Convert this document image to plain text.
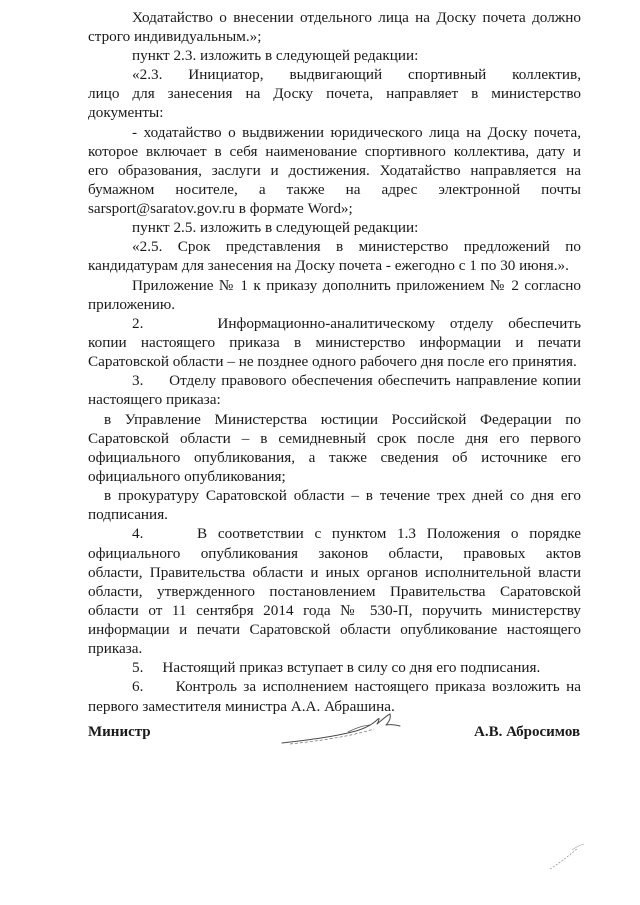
Ходатайство о внесении отдельного лица на Доску почета должно
строго индивидуальным.»;
пункт 2.3. изложить в следующей редакции:
«2.3. Инициатор, выдвигающий спортивный коллектив,
лицо для занесения на Доску почета, направляет в министерство
документы:
- ходатайство о выдвижении юридического лица на Доску почета,
которое включает в себя наименование спортивного коллектива, дату и
его образования, заслуги и достижения. Ходатайство направляется на
бумажном носителе, а также на адрес электронной почты
sarsport@saratov.gov.ru в формате Word»;
пункт 2.5. изложить в следующей редакции:
«2.5. Срок представления в министерство предложений по
кандидатурам для занесения на Доску почета - ежегодно с 1 по 30 июня.».
Приложение № 1 к приказу дополнить приложением № 2 согласно
приложению.
2.     Информационно-аналитическому отделу обеспечить
копии настоящего приказа в министерство информации и печати
Саратовской области – не позднее одного рабочего дня после его принятия.
3.     Отделу правового обеспечения обеспечить направление копии
настоящего приказа:
в Управление Министерства юстиции Российской Федерации по
Саратовской области – в семидневный срок после дня его первого
официального опубликования, а также сведения об источнике его
официального опубликования;
в прокуратуру Саратовской области – в течение трех дней со дня его
подписания.
4.     В соответствии с пунктом 1.3 Положения о порядке
официального опубликования законов области, правовых актов
области, Правительства области и иных органов исполнительной власти
области, утвержденного постановлением Правительства Саратовской
области от 11 сентября 2014 года № 530-П, поручить министерству
информации и печати Саратовской области опубликование настоящего
приказа.
5.     Настоящий приказ вступает в силу со дня его подписания.
6.     Контроль за исполнением настоящего приказа возложить на
первого заместителя министра А.А. Абрашина.
Министр	А.В. Абросимов
